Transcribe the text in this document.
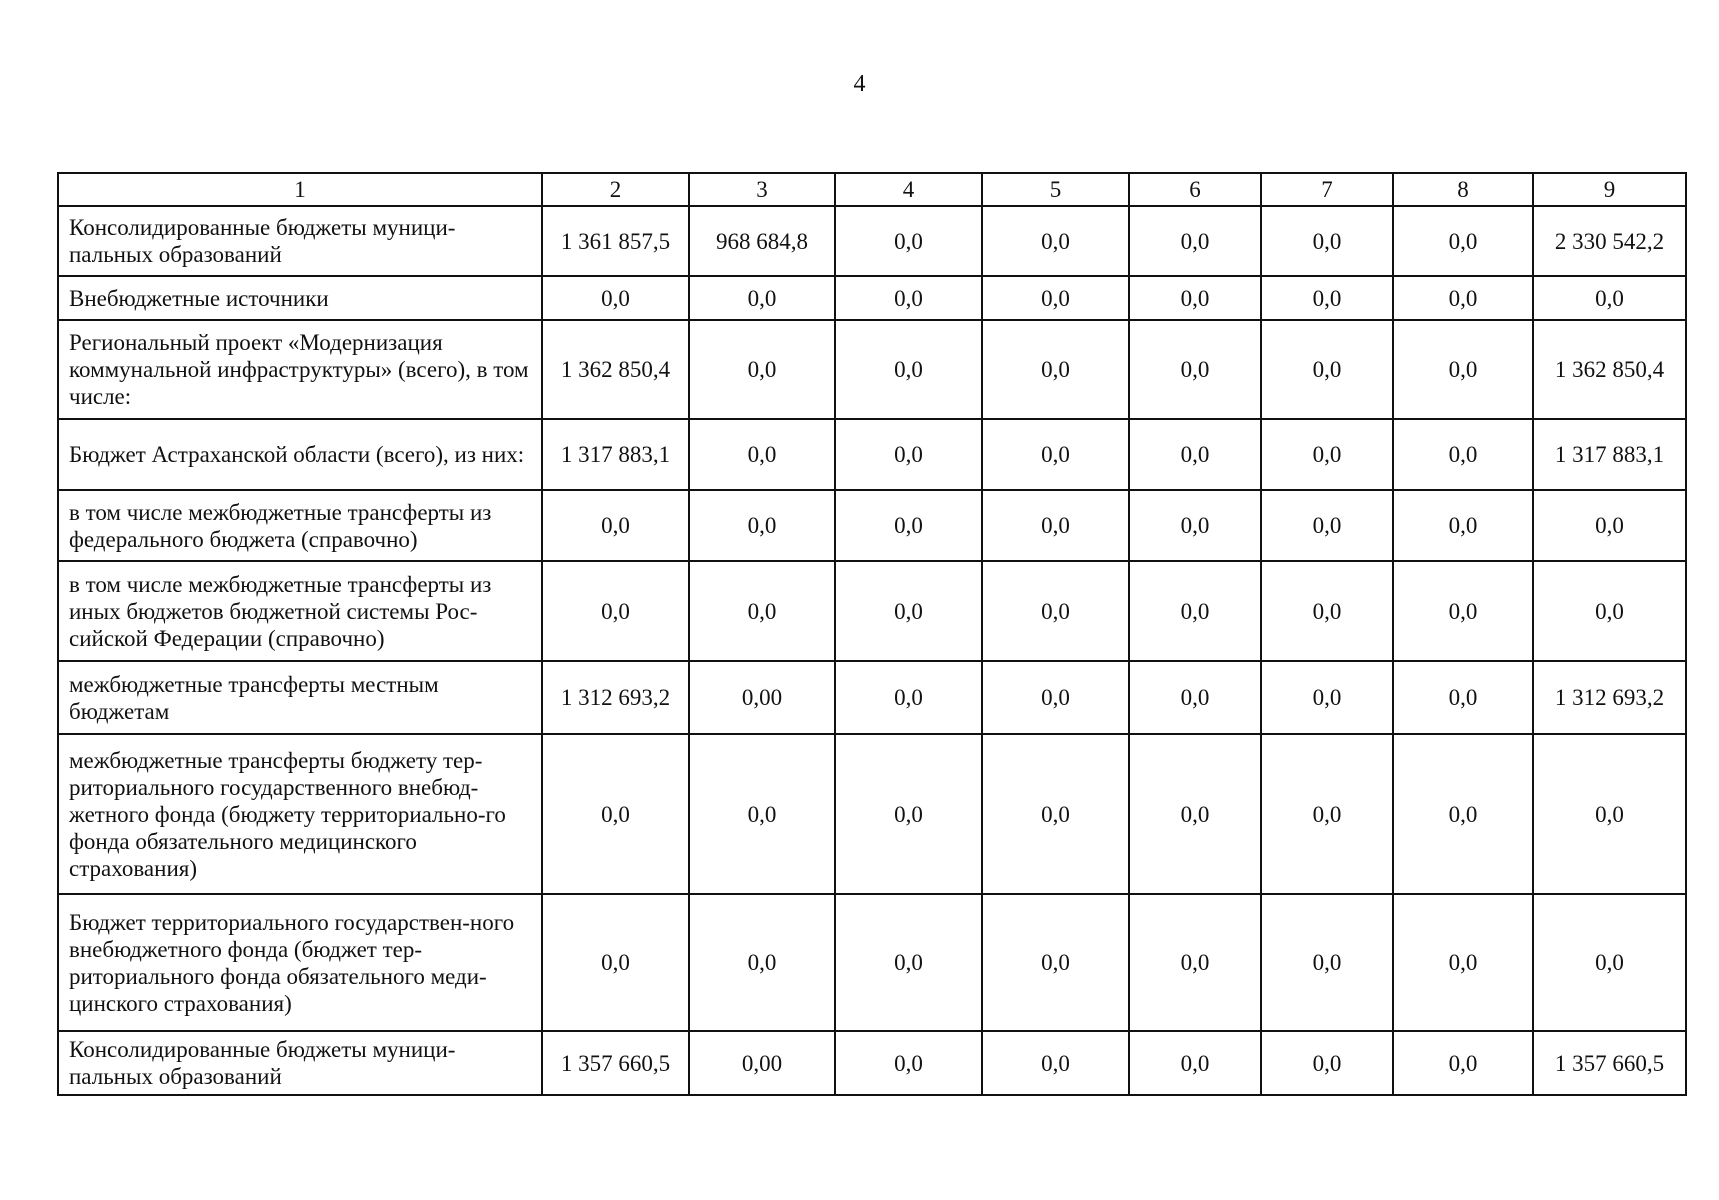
4
1	2	3	4	5	6	7	8	9
Консолидированные бюджеты муници-пальных образований	1 361 857,5	968 684,8	0,0	0,0	0,0	0,0	0,0	2 330 542,2
Внебюджетные источники	0,0	0,0	0,0	0,0	0,0	0,0	0,0	0,0
Региональный проект «Модернизация коммунальной инфраструктуры» (всего), в том числе:	1 362 850,4	0,0	0,0	0,0	0,0	0,0	0,0	1 362 850,4
Бюджет Астраханской области (всего), из них:	1 317 883,1	0,0	0,0	0,0	0,0	0,0	0,0	1 317 883,1
в том числе межбюджетные трансферты из федерального бюджета (справочно)	0,0	0,0	0,0	0,0	0,0	0,0	0,0	0,0
в том числе межбюджетные трансферты из иных бюджетов бюджетной системы Рос-сийской Федерации (справочно)	0,0	0,0	0,0	0,0	0,0	0,0	0,0	0,0
межбюджетные трансферты местным бюджетам	1 312 693,2	0,00	0,0	0,0	0,0	0,0	0,0	1 312 693,2
межбюджетные трансферты бюджету тер-риториального государственного внебюд-жетного фонда (бюджету территориально-го фонда обязательного медицинского страхования)	0,0	0,0	0,0	0,0	0,0	0,0	0,0	0,0
Бюджет территориального государствен-ного внебюджетного фонда (бюджет тер-риториального фонда обязательного меди-цинского страхования)	0,0	0,0	0,0	0,0	0,0	0,0	0,0	0,0
Консолидированные бюджеты муници-пальных образований	1 357 660,5	0,00	0,0	0,0	0,0	0,0	0,0	1 357 660,5
